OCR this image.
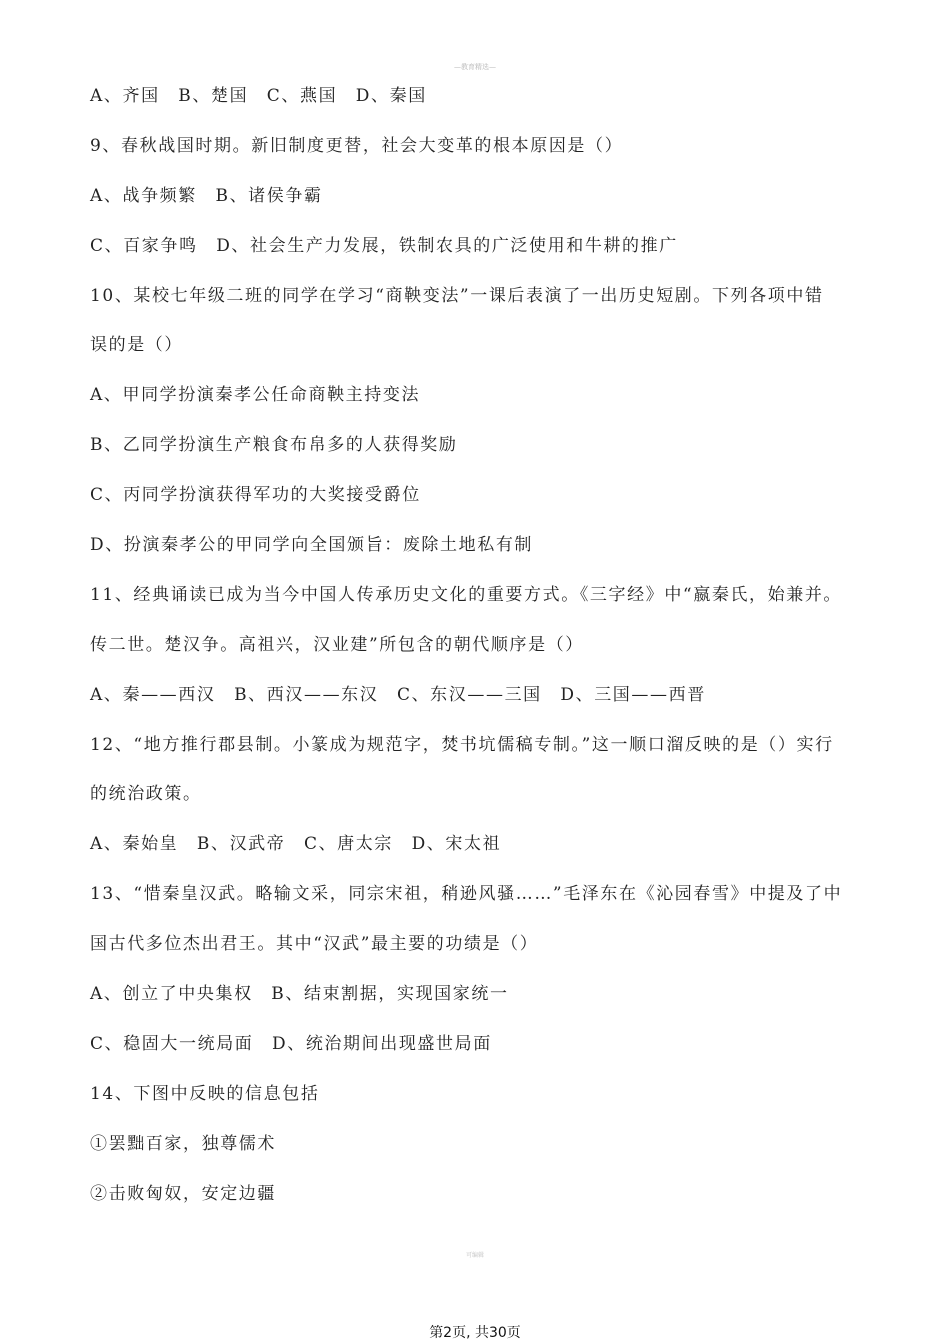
—教育精选—
A、齐国　B、楚国　C、燕国　D、秦国
9、春秋战国时期。新旧制度更替，社会大变革的根本原因是（）
A、战争频繁　B、诸侯争霸
C、百家争鸣　D、社会生产力发展，铁制农具的广泛使用和牛耕的推广
10、某校七年级二班的同学在学习“商鞅变法”一课后表演了一出历史短剧。下列各项中错
误的是（）
A、甲同学扮演秦孝公任命商鞅主持变法
B、乙同学扮演生产粮食布帛多的人获得奖励
C、丙同学扮演获得军功的大奖接受爵位
D、扮演秦孝公的甲同学向全国颁旨：废除土地私有制
11、经典诵读已成为当今中国人传承历史文化的重要方式。《三字经》中“嬴秦氏，始兼并。
传二世。楚汉争。高祖兴，汉业建”所包含的朝代顺序是（）
A、秦——西汉　B、西汉——东汉　C、东汉——三国　D、三国——西晋
12、“地方推行郡县制。小篆成为规范字，焚书坑儒稿专制。”这一顺口溜反映的是（）实行
的统治政策。
A、秦始皇　B、汉武帝　C、唐太宗　D、宋太祖
13、“惜秦皇汉武。略输文采，同宗宋祖，稍逊风骚……”毛泽东在《沁园春雪》中提及了中
国古代多位杰出君王。其中“汉武”最主要的功绩是（）
A、创立了中央集权　B、结束割据，实现国家统一
C、稳固大一统局面　D、统治期间出现盛世局面
14、下图中反映的信息包括
①罢黜百家，独尊儒术
②击败匈奴，安定边疆
可编辑
第2页, 共30页
